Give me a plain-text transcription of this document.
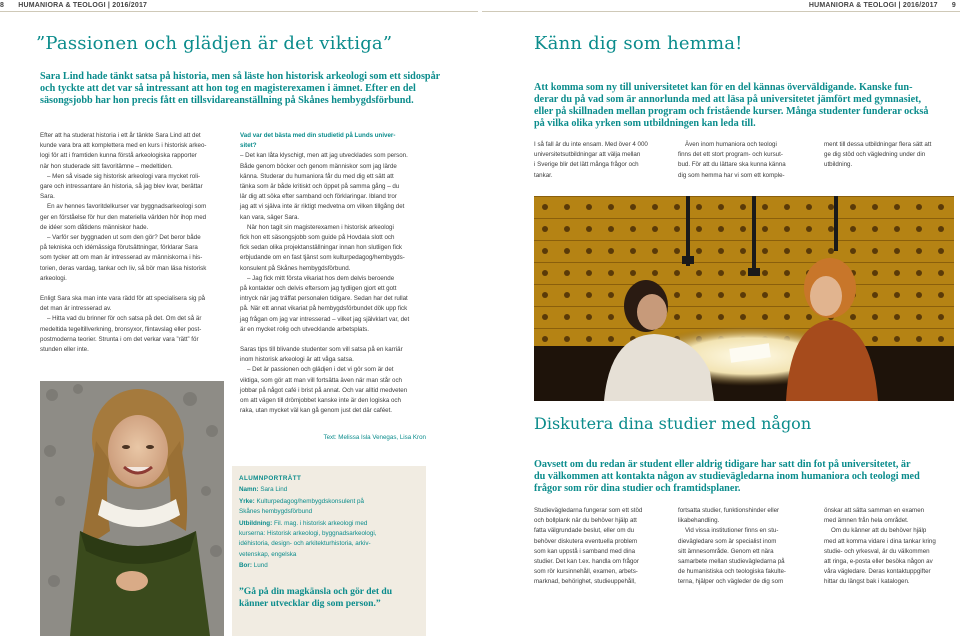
8 HUMANIORA & TEOLOGI | 2016/2017	HUMANIORA & TEOLOGI | 2016/2017 9
”Passionen och glädjen är det viktiga”
Sara Lind hade tänkt satsa på historia, men så läste hon historisk arkeologi som ett sidospår
och tyckte att det var så intressant att hon tog en magisterexamen i ämnet. Efter en del
säsongsjobb har hon precis fått en tillsvidareanställning på Skånes hembygdsförbund.

Efter att ha studerat historia i ett år tänkte Sara Lind att det

kunde vara bra att komplettera med en kurs i historisk arkeo-

logi för att i framtiden kunna förstå arkeologiska rapporter

när hon studerade sitt favoritämne – medeltiden.

– Men så visade sig historisk arkeologi vara mycket roli-

gare och intressantare än historia, så jag blev kvar, berättar

Sara.

En av hennes favoritdelkurser var byggnadsarkeologi som

ger en förståelse för hur den materiella världen hör ihop med

de idéer som dåtidens människor hade.

– Varför ser byggnaden ut som den gör? Det beror både

på tekniska och idémässiga förutsättningar, förklarar Sara

som tycker att om man är intresserad av människorna i his-

torien, deras vardag, tankar och liv, så bör man läsa historisk

arkeologi.

Enligt Sara ska man inte vara rädd för att specialisera sig på

det man är intresserad av.

– Hitta vad du brinner för och satsa på det. Om det så är

medeltida tegeltillverkning, bronsyxor, flintavslag eller post-

postmoderna teorier. Strunta i om det verkar vara ”rätt” för

stunden eller inte.

Vad var det bästa med din studietid på Lunds univer-

sitet?

– Det kan låta klyschigt, men att jag utvecklades som person.

Både genom böcker och genom människor som jag lärde

känna. Studerar du humaniora får du med dig ett sätt att

tänka som är både kritiskt och öppet på samma gång – du

lär dig att söka efter samband och förklaringar. Ibland tror

jag att vi själva inte är riktigt medvetna om vilken tillgång det

kan vara, säger Sara.

När hon tagit sin magisterexamen i historisk arkeologi

fick hon ett säsongsjobb som guide på Hovdala slott och

fick sedan olika projektanställningar innan hon slutligen fick

erbjudande om en fast tjänst som kulturpedagog/hembygds-

konsulent på Skånes hembygdsförbund.

– Jag fick mitt första vikariat hos dem delvis beroende

på kontakter och delvis eftersom jag tydligen gjort ett gott

intryck när jag träffat personalen tidigare. Sedan har det rullat

på. När ett annat vikariat på hembygdsförbundet dök upp fick

jag frågan om jag var intresserad – vilket jag självklart var, det

är en mycket rolig och utvecklande arbetsplats.

Saras tips till blivande studenter som vill satsa på en karriär

inom historisk arkeologi är att våga satsa.

– Det är passionen och glädjen i det vi gör som är det

viktiga, som gör att man vill fortsätta även när man står och

jobbar på något café i brist på annat. Och var alltid medveten

om att vägen till drömjobbet kanske inte är den logiska och

raka, utan mycket väl kan gå genom just det där caféet.

Text: Melissa Isla Venegas, Lisa Kron
ALUMNPORTRÄTT
Namn: Sara Lind
Yrke: Kulturpedagog/hembygdskonsulent på
Skånes hembygdsförbund
Utbildning: Fil. mag. i historisk arkeologi med
kurserna: Historisk arkeologi, byggnadsarkeologi,
idéhistoria, design- och arkitekturhistoria, arkiv-
vetenskap, engelska
Bor: Lund
”Gå på din magkänsla och gör det du
känner utvecklar dig som person.”
Känn dig som hemma!
Att komma som ny till universitetet kan för en del kännas överväldigande. Kanske fun-
derar du på vad som är annorlunda med att läsa på universitetet jämfört med gymnasiet,
eller på skillnaden mellan program och fristående kurser. Många studenter funderar också
på vilka olika yrken som utbildningen kan leda till.

I så fall är du inte ensam. Med över 4 000

universitetsutbildningar att välja mellan

i Sverige blir det lätt många frågor och

tankar.

Även inom humaniora och teologi

finns det ett stort program- och kursut-

bud. För att du lättare ska kunna känna

dig som hemma har vi som ett komple-

ment till dessa utbildningar flera sätt att

ge dig stöd och vägledning under din

utbildning.

Diskutera dina studier med någon
Oavsett om du redan är student eller aldrig tidigare har satt din fot på universitetet, är
du välkommen att kontakta någon av studievägledarna inom humaniora och teologi med
frågor som rör dina studier och framtidsplaner.

Studievägledarna fungerar som ett stöd

och bollplank när du behöver hjälp att

fatta välgrundade beslut, eller om du

behöver diskutera eventuella problem

som kan uppstå i samband med dina

studier. Det kan t.ex. handla om frågor

som rör kursinnehåll, examen, arbets-

marknad, behörighet, studieuppehåll,

fortsatta studier, funktionshinder eller

likabehandling.

Vid vissa institutioner finns en stu-

dievägledare som är specialist inom

sitt ämnesområde. Genom ett nära

samarbete mellan studievägledarna på

de humanistiska och teologiska fakulte-

terna, hjälper och vägleder de dig som

önskar att sätta samman en examen

med ämnen från hela området.

Om du känner att du behöver hjälp

med att komma vidare i dina tankar kring

studie- och yrkesval, är du välkommen

att ringa, e-posta eller besöka någon av

våra vägledare. Deras kontaktuppgifter

hittar du längst bak i katalogen.
